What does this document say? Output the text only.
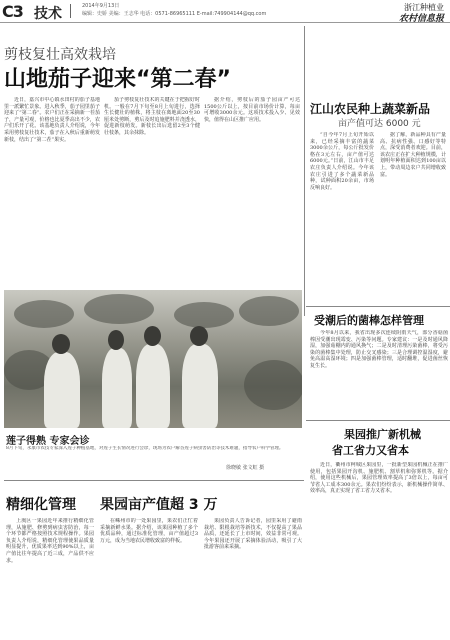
C3 技术	2014年9月13日
编辑：史娇 美编：王志华 电话：0571-86965111 E-mail:749904144@qq.com
浙江种植业
农村信息报
剪枝复壮高效栽培
山地茄子迎来“第二春”

近日，嘉兴市中心镇水田村的茄子基地里一派繁忙景象。进入秋季，茄子园里茄子迎来了“第二春”。农户们正在采摘新一茬茄子，产量可观，价格也比夏季高出不少，农户们乐开了花。该基地负责人介绍说，今年采用剪枝复壮技术，茄子在入秋后重新萌发新枝，结出了“第二茬”果实。

茄子剪枝复壮技术的关键在于把握好时机。一般在7月下旬至8月上旬进行，选择生长健壮的植株，将主枝在离地面20至30厘米处剪断，剪后及时追施肥料并浇透水，促进新枝萌发。新枝长出后选留2至3个健壮枝条，其余抹除。

据介绍，剪枝后的茄子园亩产可达1500公斤以上，按目前市场价计算，每亩可增收3000余元。这项技术投入少、见效快，值得在山区推广应用。

江山农民种上蔬菜新品
亩产值可达 6000 元

“自今年7月上旬开始以来，已经采摘丰富的蔬菜3000余公斤，每公斤批发价格在3元左右，亩产值可达6000元。”日前，江山市丰足农庄负责人介绍说。今年该农庄引进了多个蔬菜新品种，试种面积20余亩，市场反响良好。

据了解，新品种具有产量高、抗病性强、口感好等特点，深受消费者欢迎。目前，该农庄正在扩大种植规模，计划明年种植面积达到100亩以上，带动周边农户共同增收致富。

莲子得熟 专家会诊
8月下旬，永康市农技专家深入莲子种植基地，对莲子生长情况进行会诊，现场为农户解答莲子病虫害防治等技术难题，指导农户科学管理。
徐晓敏 张文虹 摄
受潮后的菌棒怎样管理

今年8月以来，我省出现多次连续阴雨天气，部分香菇菌棒因受潮出现霉变、污染等问题。专家建议：一是及时通风降湿，加强菇棚内的通风换气；二是及时清理污染菌棒，将受污染的菌棒集中处理，防止交叉感染；三是合理调控温湿度，避免高温高湿环境；四是加强菌棒管理，适时翻堆，促进菌丝恢复生长。

果园推广新机械
省工省力又省本

近日，衢州市柯城区果园里，一批新型果园机械正在推广使用，包括果园开沟机、施肥机、割草机和弥雾机等。据介绍，使用这些机械后，果园管理效率提高了3倍以上，每亩可节省人工成本300余元。果农们纷纷表示，新机械操作简单、效率高，真正实现了省工省力又省本。

精细化管理

上虞区一果园近年来推行精细化管理，从施肥、修剪到病虫害防治，每一个环节都严格按照技术规程操作。果园负责人介绍说，精细化管理使果品质量明显提升，优质果率达到90%以上，亩产值比往年提高了近三成，产品供不应求。

果园亩产值超 3 万

在嵊州市的一处果园里，果农们正忙着采摘新鲜水果。据介绍，该果园种植了多个优质品种，通过标准化管理，亩产值超过3万元，成为当地农民增收致富的样板。

果园负责人告诉记者，园里采用了避雨栽培、限根栽培等新技术，不仅提高了果品品质，还延长了上市时间，效益非常可观。今年果园还开展了采摘体验活动，吸引了大批游客前来采摘。
